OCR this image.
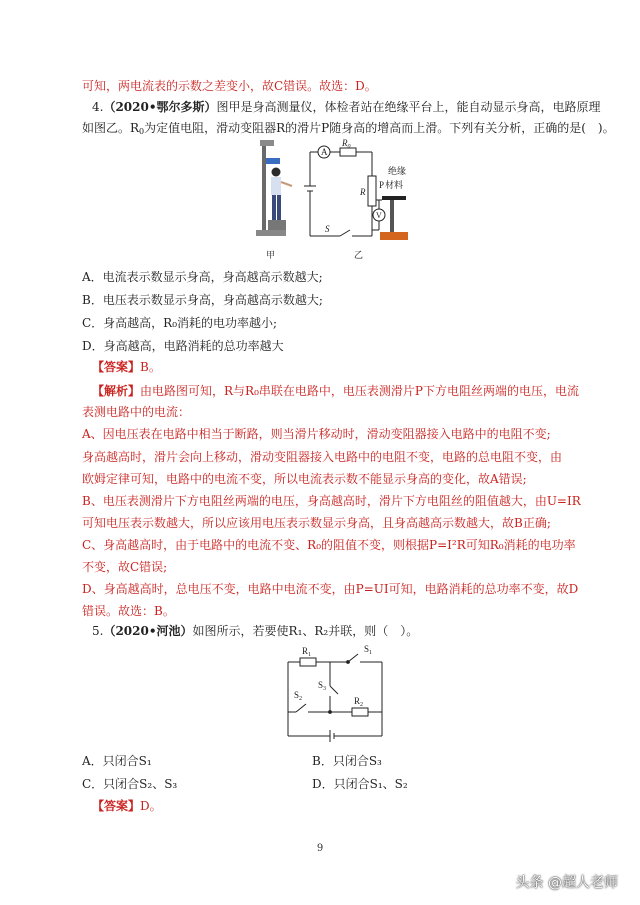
可知，两电流表的示数之差变小，故C错误。故选：D。
4.（2020•鄂尔多斯）图甲是身高测量仪，体检者站在绝缘平台上，能自动显示身高，电路原理
如图乙。$R_0$为定值电阻，滑动变阻器R的滑片P随身高的增高而上滑。下列有关分析，正确的是(　)。
A
$R_0$
R
V
P
S
绝缘
材料
甲	乙
A．电流表示数显示身高，身高越高示数越大;
B．电压表示数显示身高，身高越高示数越大;
C．身高越高，R₀消耗的电功率越小;
D．身高越高，电路消耗的总功率越大
【答案】B。
【解析】由电路图可知，R与R₀串联在电路中，电压表测滑片P下方电阻丝两端的电压，电流
表测电路中的电流：
A、因电压表在电路中相当于断路，则当滑片移动时，滑动变阻器接入电路中的电阻不变;
身高越高时，滑片会向上移动，滑动变阻器接入电路中的电阻不变，电路的总电阻不变，由
欧姆定律可知，电路中的电流不变，所以电流表示数不能显示身高的变化，故A错误;
B、电压表测滑片下方电阻丝两端的电压，身高越高时，滑片下方电阻丝的阻值越大，由U=IR
可知电压表示数越大，所以应该用电压表示数显示身高，且身高越高示数越大，故B正确;
C、身高越高时，由于电路中的电流不变、R₀的阻值不变，则根据P=I²R可知R₀消耗的电功率
不变，故C错误;
D、身高越高时，总电压不变，电路中电流不变，由P=UI可知，电路消耗的总功率不变，故D
错误。故选：B。
5.（2020•河池）如图所示，若要使R₁、R₂并联，则（　）。
$R_1$
$R_2$
$S_1$
$S_2$
$S_3$
A．只闭合S₁	B．只闭合S₃
C．只闭合S₂、S₃	D．只闭合S₁、S₂
【答案】D。
9
头条 @超人老师
